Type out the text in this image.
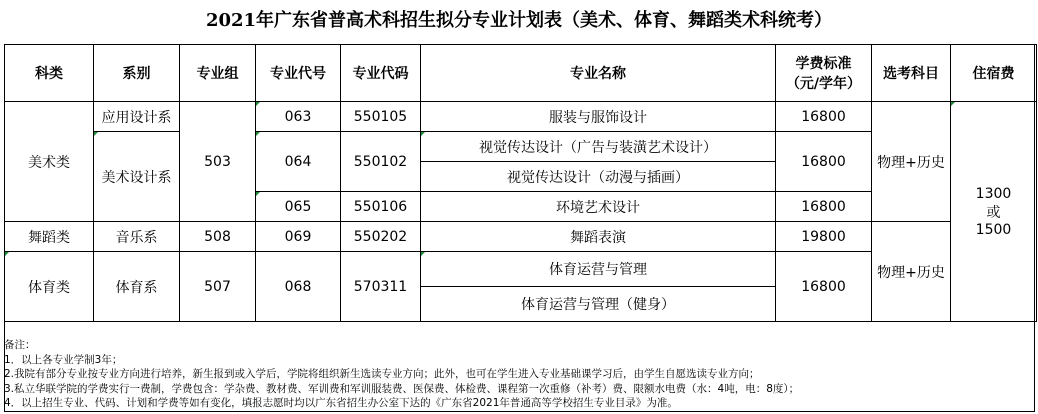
2021年广东省普高术科招生拟分专业计划表（美术、体育、舞蹈类术科统考）
科类	系别	专业组	专业代号	专业代码	专业名称	学费标准
（元/学年）	选考科目	住宿费
美术类	应用设计系	503	063	550105	服装与服饰设计	16800	物理+历史	1300
或
1500

	美术设计系		064	550102	视觉传达设计（广告与装潢艺术设计）	16800		
					视觉传达设计（动漫与插画）			
			065	550106	环境艺术设计	16800		
舞蹈类	音乐系	508	069	550202	舞蹈表演	19800	物理+历史	
体育类	体育系	507	068	570311	体育运营与管理	16800		
					体育运营与管理（健身）			
备注：
1．以上各专业学制3年；
2.我院有部分专业按专业方向进行培养，新生报到或入学后，学院将组织新生选读专业方向；此外，也可在学生进入专业基础课学习后，由学生自愿选读专业方向；
3.私立华联学院的学费实行一费制，学费包含：学杂费、教材费、军训费和军训服装费、医保费、体检费、课程第一次重修（补考）费、限额水电费（水：4吨，电：8度）；
4．以上招生专业、代码、计划和学费等如有变化，填报志愿时均以广东省招生办公室下达的《广东省2021年普通高等学校招生专业目录》为准。
